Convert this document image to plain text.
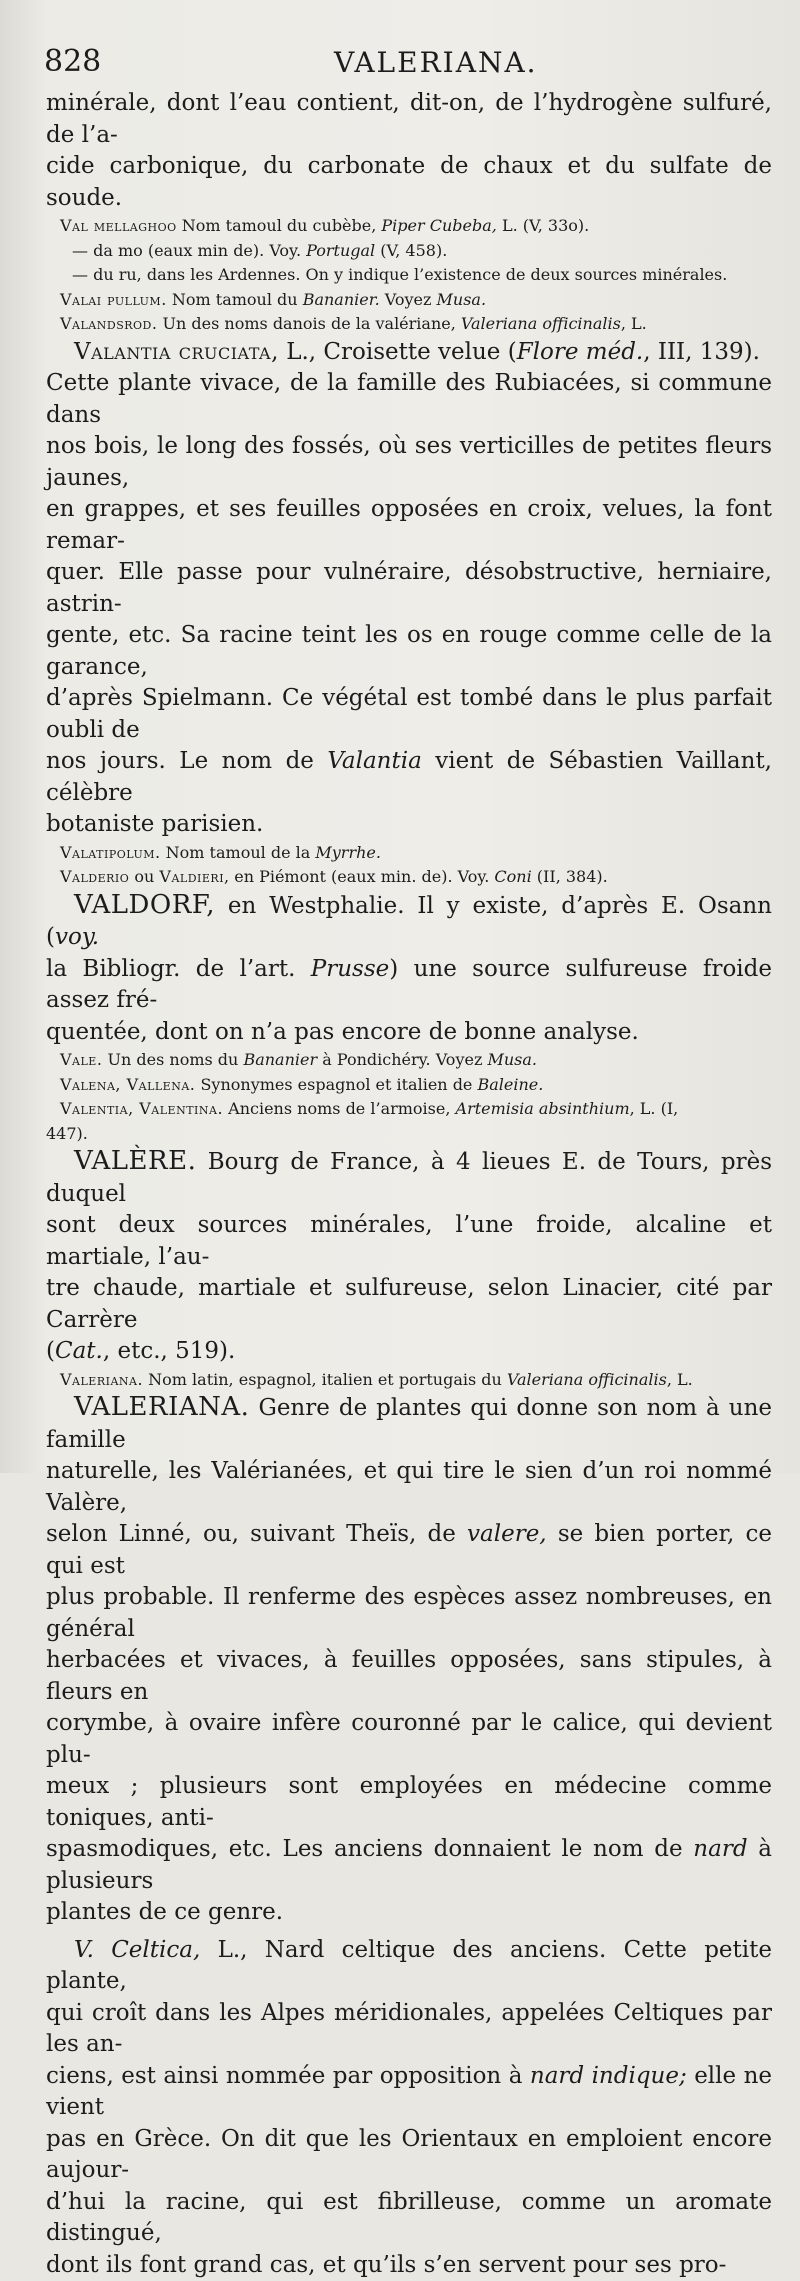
828	VALERIANA.

minérale, dont l’eau contient, dit-on, de l’hydrogène sulfuré, de l’a-
cide carbonique, du carbonate de chaux et du sulfate de soude.

Val mellaghoo Nom tamoul du cubèbe, Piper Cubeba, L. (V, 33o).

— da mo (eaux min de). Voy. Portugal (V, 458).

— du ru, dans les Ardennes. On y indique l’existence de deux sources minérales.

Valai pullum. Nom tamoul du Bananier. Voyez Musa.

Valandsrod. Un des noms danois de la valériane, Valeriana officinalis, L.

Valantia cruciata, L., Croisette velue (Flore méd., III, 139).
Cette plante vivace, de la famille des Rubiacées, si commune dans
nos bois, le long des fossés, où ses verticilles de petites fleurs jaunes,
en grappes, et ses feuilles opposées en croix, velues, la font remar-
quer. Elle passe pour vulnéraire, désobstructive, herniaire, astrin-
gente, etc. Sa racine teint les os en rouge comme celle de la garance,
d’après Spielmann. Ce végétal est tombé dans le plus parfait oubli de
nos jours. Le nom de Valantia vient de Sébastien Vaillant, célèbre
botaniste parisien.

Valatipolum. Nom tamoul de la Myrrhe.

Valderio ou Valdieri, en Piémont (eaux min. de). Voy. Coni (II, 384).

VALDORF, en Westphalie. Il y existe, d’après E. Osann (voy.
la Bibliogr. de l’art. Prusse) une source sulfureuse froide assez fré-
quentée, dont on n’a pas encore de bonne analyse.

Vale. Un des noms du Bananier à Pondichéry. Voyez Musa.

Valena, Vallena. Synonymes espagnol et italien de Baleine.

Valentia, Valentina. Anciens noms de l’armoise, Artemisia absinthium, L. (I,
447).

VALÈRE. Bourg de France, à 4 lieues E. de Tours, près duquel
sont deux sources minérales, l’une froide, alcaline et martiale, l’au-
tre chaude, martiale et sulfureuse, selon Linacier, cité par Carrère
(Cat., etc., 519).

Valeriana. Nom latin, espagnol, italien et portugais du Valeriana officinalis, L.

VALERIANA. Genre de plantes qui donne son nom à une famille
naturelle, les Valérianées, et qui tire le sien d’un roi nommé Valère,
selon Linné, ou, suivant Theïs, de valere, se bien porter, ce qui est
plus probable. Il renferme des espèces assez nombreuses, en général
herbacées et vivaces, à feuilles opposées, sans stipules, à fleurs en
corymbe, à ovaire infère couronné par le calice, qui devient plu-
meux ; plusieurs sont employées en médecine comme toniques, anti-
spasmodiques, etc. Les anciens donnaient le nom de nard à plusieurs
plantes de ce genre.

V. Celtica, L., Nard celtique des anciens. Cette petite plante,
qui croît dans les Alpes méridionales, appelées Celtiques par les an-
ciens, est ainsi nommée par opposition à nard indique; elle ne vient
pas en Grèce. On dit que les Orientaux en emploient encore aujour-
d’hui la racine, qui est fibrilleuse, comme un aromate distingué,
dont ils font grand cas, et qu’ils s’en servent pour ses pro-
